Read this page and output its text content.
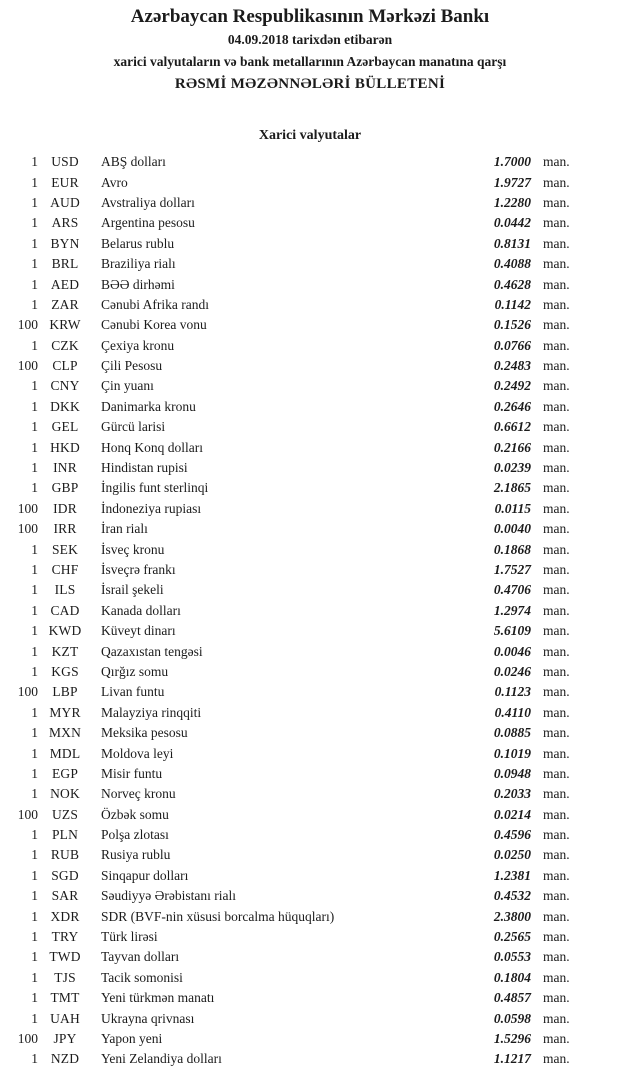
Azərbaycan Respublikasının Mərkəzi Bankı
04.09.2018 tarixdən etibarən
xarici valyutaların və bank metallarının Azərbaycan manatına qarşı
RƏSMİ MƏZƏNNƏLƏRİ BÜLLETENİ
Xarici valyutalar
1 USD	ABŞ dolları	1.7000 man.
1 EUR	Avro	1.9727 man.
1 AUD	Avstraliya dolları	1.2280 man.
1	ARS	Argentina pesosu	0.0442 man.
1 BYN	Belarus rublu	0.8131 man.
1	BRL	Braziliya rialı	0.4088 man.
1 AED	BƏƏ dirhəmi	0.4628 man.
1 ZAR	Cənubi Afrika randı	0.1142 man.
100 KRW	Cənubi Korea vonu	0.1526 man.
1 CZK	Çexiya kronu	0.0766 man.
100	CLP	Çili Pesosu	0.2483 man.
1 CNY	Çin yuanı	0.2492 man.
1 DKK	Danimarka kronu	0.2646 man.
1	GEL	Gürcü larisi	0.6612 man.
1 HKD	Honq Konq dolları	0.2166 man.
1	INR	Hindistan rupisi	0.0239 man.
1	GBP	İngilis funt sterlinqi	2.1865 man.
100	IDR	İndoneziya rupiası	0.0115 man.
100	IRR	İran rialı	0.0040 man.
1	SEK	İsveç kronu	0.1868 man.
1	CHF	İsveçrə frankı	1.7527 man.
1	ILS	İsrail şekeli	0.4706 man.
1 CAD	Kanada dolları	1.2974 man.
1 KWD	Küveyt dinarı	5.6109 man.
1	KZT	Qazaxıstan tengəsi	0.0046 man.
1 KGS	Qırğız somu	0.0246 man.
100	LBP	Livan funtu	0.1123 man.
1 MYR	Malayziya rinqqiti	0.4110 man.
1 MXN	Meksika pesosu	0.0885 man.
1 MDL	Moldova leyi	0.1019 man.
1	EGP	Misir funtu	0.0948 man.
1 NOK	Norveç kronu	0.2033 man.
100	UZS	Özbək somu	0.0214 man.
1	PLN	Polşa zlotası	0.4596 man.
1 RUB	Rusiya rublu	0.0250 man.
1 SGD	Sinqapur dolları	1.2381 man.
1	SAR	Səudiyyə Ərəbistanı rialı	0.4532 man.
1 XDR	SDR (BVF-nin xüsusi borcalma hüquqları)	2.3800 man.
1	TRY	Türk lirəsi	0.2565 man.
1 TWD	Tayvan dolları	0.0553 man.
1	TJS	Tacik somonisi	0.1804 man.
1 TMT	Yeni türkmən manatı	0.4857 man.
1 UAH	Ukrayna qrivnası	0.0598 man.
100	JPY	Yapon yeni	1.5296 man.
1 NZD	Yeni Zelandiya dolları	1.1217 man.
